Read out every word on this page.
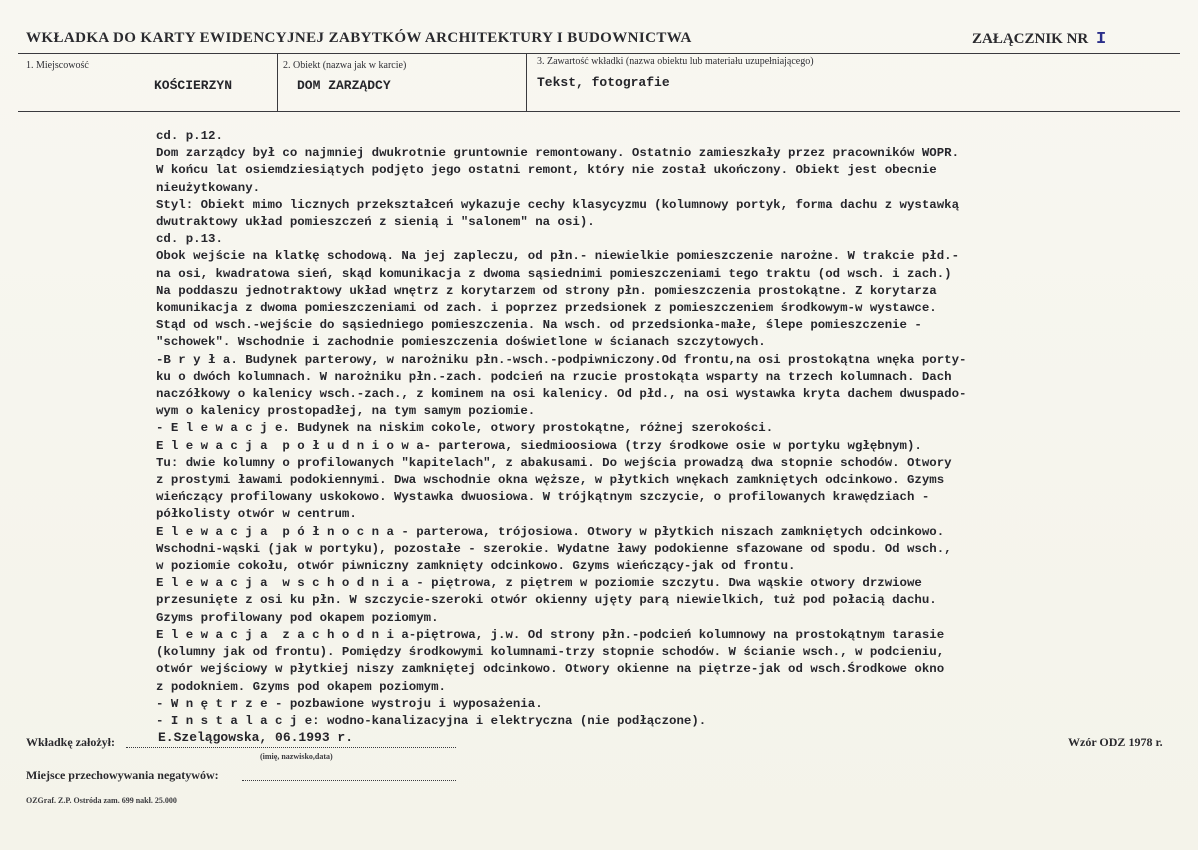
WKŁADKA DO KARTY EWIDENCYJNEJ ZABYTKÓW ARCHITEKTURY I BUDOWNICTWA	ZAŁĄCZNIK NR I
1. Miejscowość
KOŚCIERZYN
2. Obiekt (nazwa jak w karcie)
DOM ZARZĄDCY
3. Zawartość wkładki (nazwa obiektu lub materiału uzupełniającego)
Tekst, fotografie
cd. p.12.
Dom zarządcy był co najmniej dwukrotnie gruntownie remontowany. Ostatnio zamieszkały przez pracowników WOPR.
W końcu lat osiemdziesiątych podjęto jego ostatni remont, który nie został ukończony. Obiekt jest obecnie
nieużytkowany.
Styl: Obiekt mimo licznych przekształceń wykazuje cechy klasycyzmu (kolumnowy portyk, forma dachu z wystawką
dwutraktowy układ pomieszczeń z sienią i "salonem" na osi).
cd. p.13.
Obok wejście na klatkę schodową. Na jej zapleczu, od płn.- niewielkie pomieszczenie narożne. W trakcie płd.-
na osi, kwadratowa sień, skąd komunikacja z dwoma sąsiednimi pomieszczeniami tego traktu (od wsch. i zach.)
Na poddaszu jednotraktowy układ wnętrz z korytarzem od strony płn. pomieszczenia prostokątne. Z korytarza
komunikacja z dwoma pomieszczeniami od zach. i poprzez przedsionek z pomieszczeniem środkowym-w wystawce.
Stąd od wsch.-wejście do sąsiedniego pomieszczenia. Na wsch. od przedsionka-małe, ślepe pomieszczenie -
"schowek". Wschodnie i zachodnie pomieszczenia doświetlone w ścianach szczytowych.
-B r y ł a. Budynek parterowy, w narożniku płn.-wsch.-podpiwniczony.Od frontu,na osi prostokątna wnęka porty-
ku o dwóch kolumnach. W narożniku płn.-zach. podcień na rzucie prostokąta wsparty na trzech kolumnach. Dach
naczółkowy o kalenicy wsch.-zach., z kominem na osi kalenicy. Od płd., na osi wystawka kryta dachem dwuspado-
wym o kalenicy prostopadłej, na tym samym poziomie.
- E l e w a c j e. Budynek na niskim cokole, otwory prostokątne, różnej szerokości.
E l e w a c j a  p o ł u d n i o w a- parterowa, siedmioosiowa (trzy środkowe osie w portyku wgłębnym).
Tu: dwie kolumny o profilowanych "kapitelach", z abakusami. Do wejścia prowadzą dwa stopnie schodów. Otwory
z prostymi ławami podokiennymi. Dwa wschodnie okna węższe, w płytkich wnękach zamkniętych odcinkowo. Gzyms
wieńczący profilowany uskokowo. Wystawka dwuosiowa. W trójkątnym szczycie, o profilowanych krawędziach -
półkolisty otwór w centrum.
E l e w a c j a  p ó ł n o c n a - parterowa, trójosiowa. Otwory w płytkich niszach zamkniętych odcinkowo.
Wschodni-wąski (jak w portyku), pozostałe - szerokie. Wydatne ławy podokienne sfazowane od spodu. Od wsch.,
w poziomie cokołu, otwór piwniczny zamknięty odcinkowo. Gzyms wieńczący-jak od frontu.
E l e w a c j a  w s c h o d n i a - piętrowa, z piętrem w poziomie szczytu. Dwa wąskie otwory drzwiowe
przesunięte z osi ku płn. W szczycie-szeroki otwór okienny ujęty parą niewielkich, tuż pod połacią dachu.
Gzyms profilowany pod okapem poziomym.
E l e w a c j a  z a c h o d n i a-piętrowa, j.w. Od strony płn.-podcień kolumnowy na prostokątnym tarasie
(kolumny jak od frontu). Pomiędzy środkowymi kolumnami-trzy stopnie schodów. W ścianie wsch., w podcieniu,
otwór wejściowy w płytkiej niszy zamkniętej odcinkowo. Otwory okienne na piętrze-jak od wsch.Środkowe okno
z podokniem. Gzyms pod okapem poziomym.
- W n ę t r z e - pozbawione wystroju i wyposażenia.
- I n s t a l a c j e: wodno-kanalizacyjna i elektryczna (nie podłączone).
Wkładkę założył:	E.Szelągowska, 06.1993 r.
(imię, nazwisko,data)
Wzór ODZ 1978 r.
Miejsce przechowywania negatywów:
OZGraf. Z.P. Ostróda zam. 699 nakł. 25.000
